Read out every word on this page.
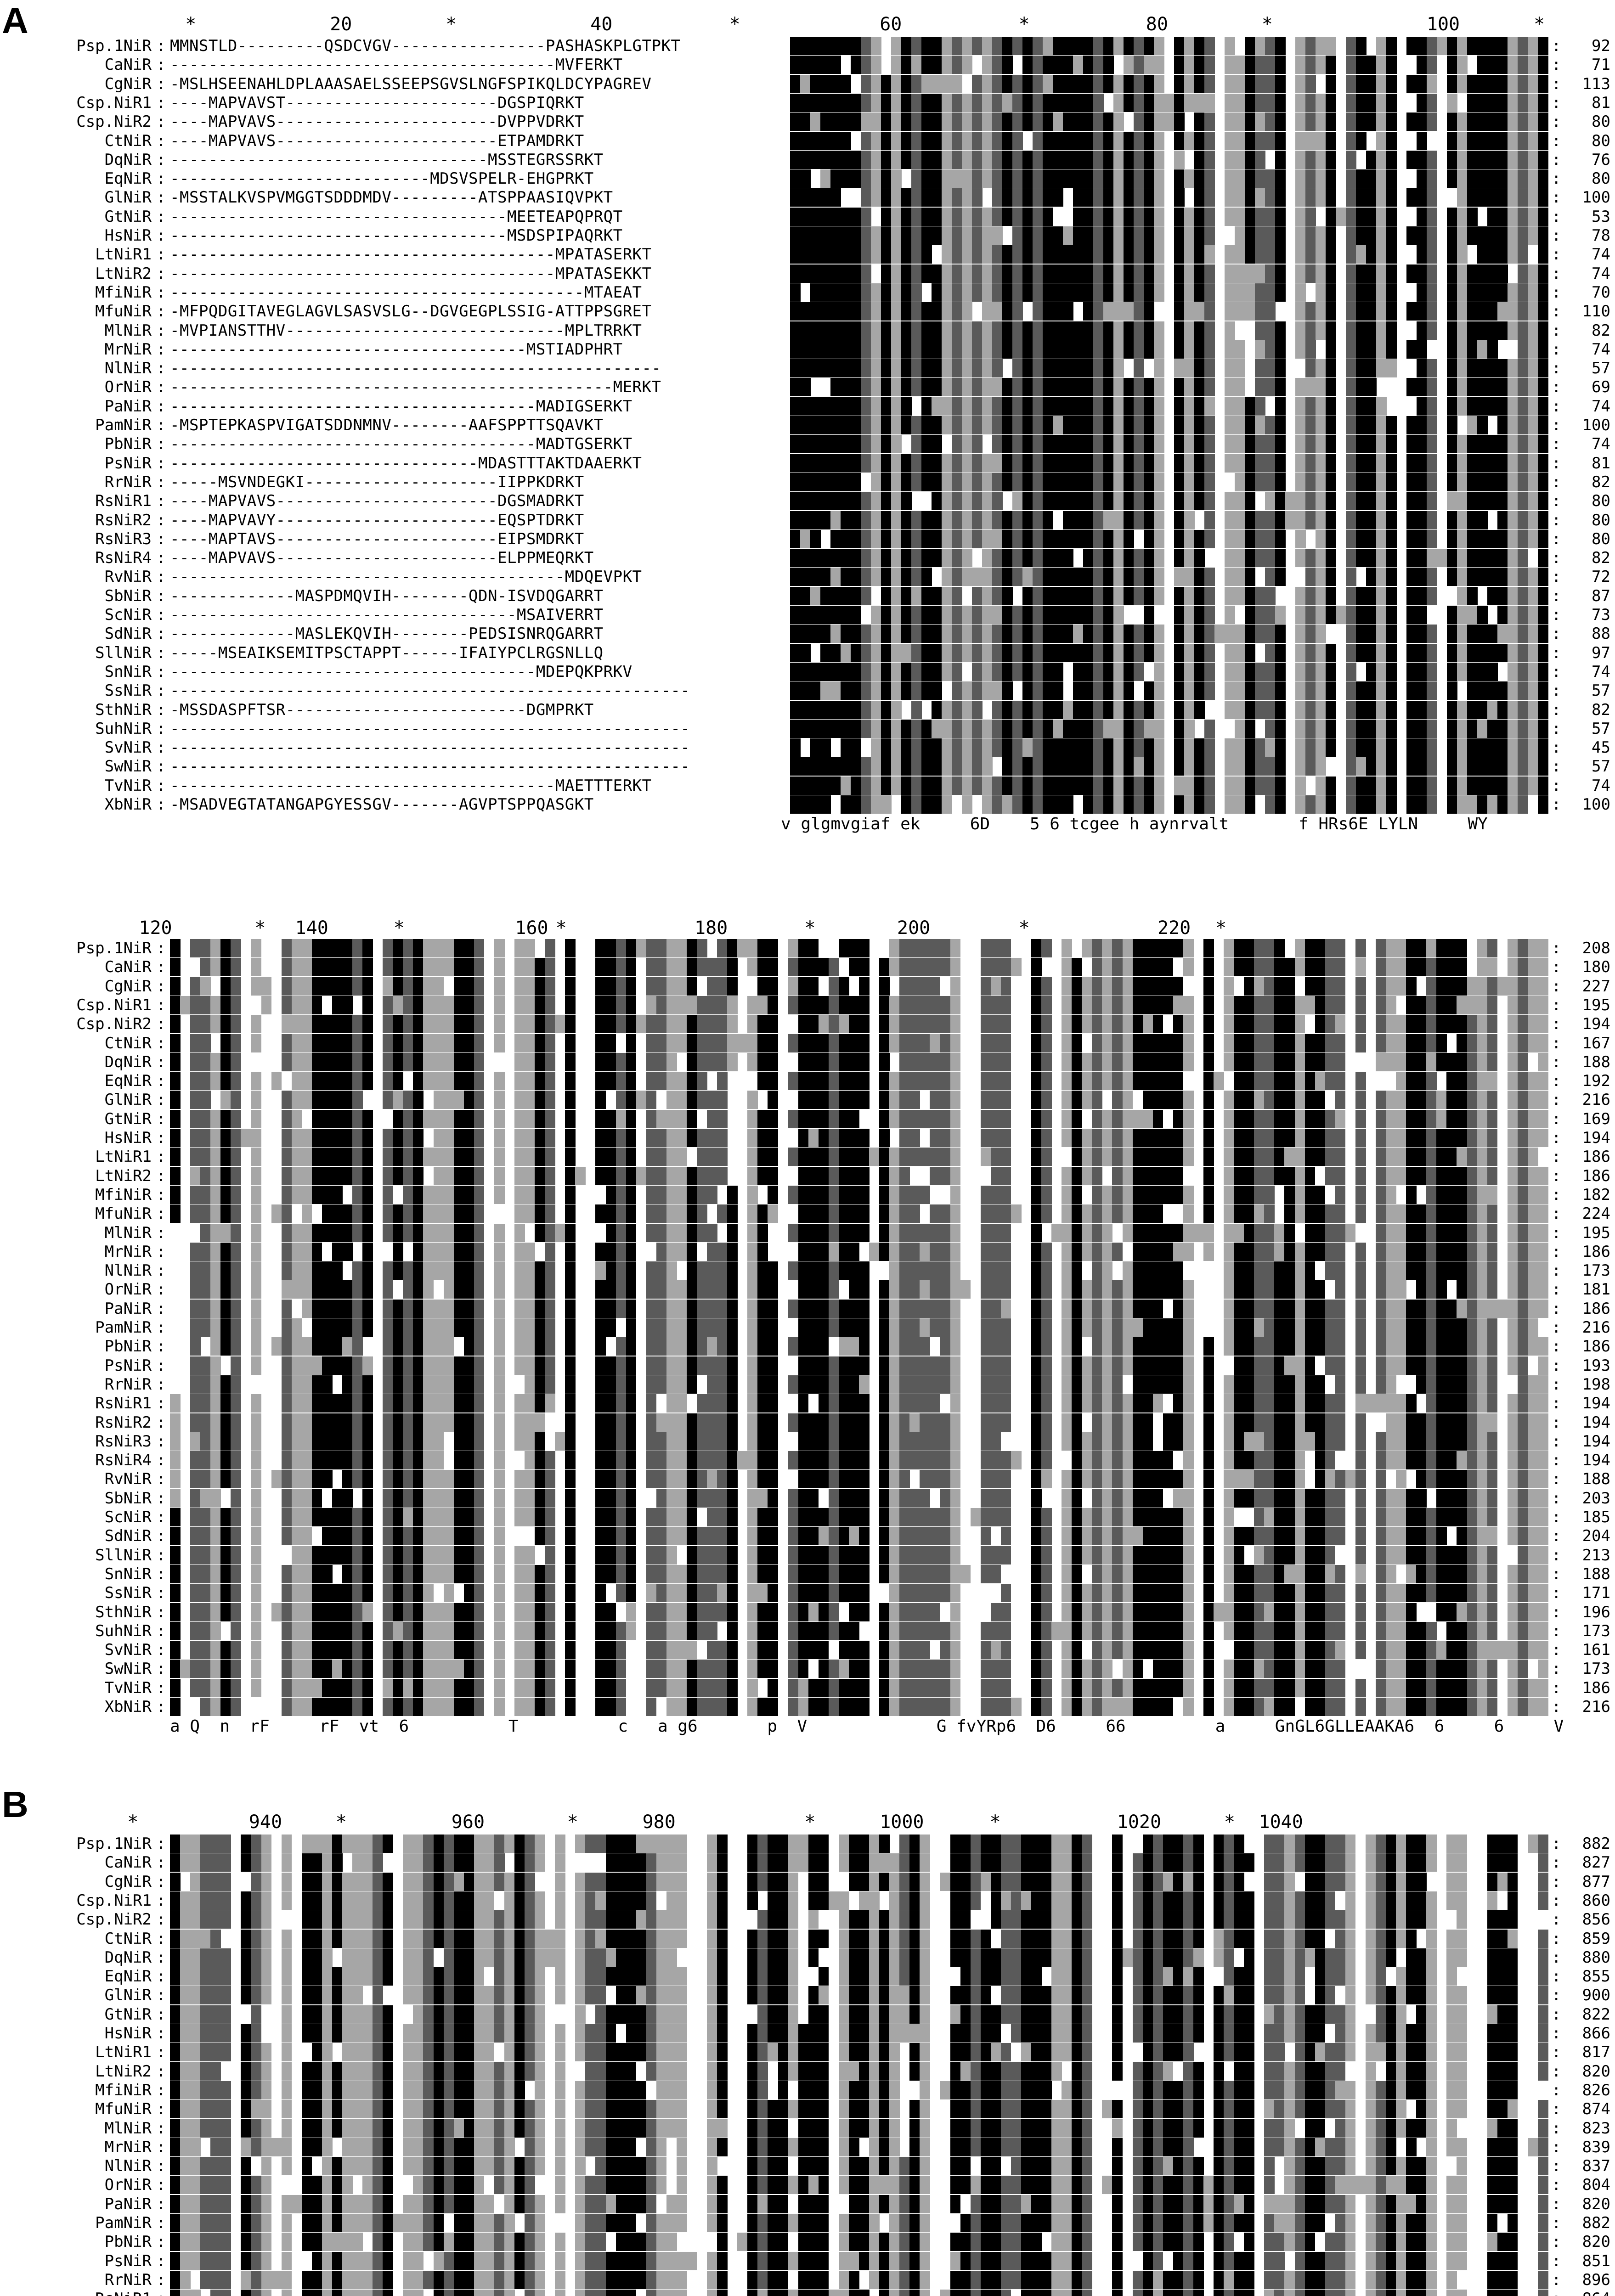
A	*	20	*	40	*	60	*	80	*	100	*
Psp.1NiR : MMNSTLD---------QSDCVGV----------------PASHASKPLGTPKT	:	92
CaNiR : ----------------------------------------MVFERKT	:	71
CgNiR : -MSLHSEENAHLDPLAAASAELSSEEPSGVSLNGFSPIKQLDCYPAGREV	:	113
Csp.NiR1 : ----MAPVAVST----------------------DGSPIQRKT	:	81
Csp.NiR2 : ----MAPVAVS-----------------------DVPPVDRKT	:	80
CtNiR : ----MAPVAVS-----------------------ETPAMDRKT	:	80
DqNiR : ---------------------------------MSSTEGRSSRKT	:	76
EqNiR : ---------------------------MDSVSPELR-EHGPRKT	:	80
GlNiR : -MSSTALKVSPVMGGTSDDDMDV---------ATSPPAASIQVPKT	:	100
GtNiR : -----------------------------------MEETEAPQPRQT	:	53
HsNiR : -----------------------------------MSDSPIPAQRKT	:	78
LtNiR1 : ----------------------------------------MPATASERKT	:	74
LtNiR2 : ----------------------------------------MPATASEKKT	:	74
MfiNiR : -------------------------------------------MTAEAT	:	70
MfuNiR : -MFPQDGITAVEGLAGVLSASVSLG--DGVGEGPLSSIG-ATTPPSGRET	:	110
MlNiR : -MVPIANSTTHV-----------------------------MPLTRRKT	:	82
MrNiR : -------------------------------------MSTIADPHRT	:	74
NlNiR : ---------------------------------------------------	:	57
OrNiR : ----------------------------------------------MERKT	:	69
PaNiR : --------------------------------------MADIGSERKT	:	74
PamNiR : -MSPTEPKASPVIGATSDDNMNV--------AAFSPPTTSQAVKT	:	100
PbNiR : --------------------------------------MADTGSERKT	:	74
PsNiR : --------------------------------MDASTTTAKTDAAERKT	:	81
RrNiR : -----MSVNDEGKI--------------------IIPPKDRKT	:	82
RsNiR1 : ----MAPVAVS-----------------------DGSMADRKT	:	80
RsNiR2 : ----MAPVAVY-----------------------EQSPTDRKT	:	80
RsNiR3 : ----MAPTAVS-----------------------EIPSMDRKT	:	80
RsNiR4 : ----MAPVAVS-----------------------ELPPMEQRKT	:	82
RvNiR : -----------------------------------------MDQEVPKT	:	72
SbNiR : -------------MASPDMQVIH--------QDN-ISVDQGARRT	:	87
ScNiR : ------------------------------------MSAIVERRT	:	73
SdNiR : -------------MASLEKQVIH--------PEDSISNRQGARRT	:	88
SllNiR : -----MSEAIKSEMITPSCTAPPT------IFAIYPCLRGSNLLQ	:	97
SnNiR : --------------------------------------MDEPQKPRKV	:	74
SsNiR : ------------------------------------------------------	:	57
SthNiR : -MSSDASPFTSR-------------------------DGMPRKT	:	82
SuhNiR : ------------------------------------------------------	:	57
SvNiR : ------------------------------------------------------	:	45
SwNiR : ------------------------------------------------------	:	57
TvNiR : ----------------------------------------MAETTTERKT	:	74
XbNiR : -MSADVEGTATANGAPGYESSGV-------AGVPTSPPQASGKT	:	100
v glgmvgiaf ek     6D    5 6 tcgee h aynrvalt       f HRs6E LYLN     WY
120	* 140	*	160 *	180	*	200	*	220 *
Psp.1NiR :	:	208
CaNiR :	:	180
CgNiR :	:	227
Csp.NiR1 :	:	195
Csp.NiR2 :	:	194
CtNiR :	:	167
DqNiR :	:	188
EqNiR :	:	192
GlNiR :	:	216
GtNiR :	:	169
HsNiR :	:	194
LtNiR1 :	:	186
LtNiR2 :	:	186
MfiNiR :	:	182
MfuNiR :	:	224
MlNiR :	:	195
MrNiR :	:	186
NlNiR :	:	173
OrNiR :	:	181
PaNiR :	:	186
PamNiR :	:	216
PbNiR :	:	186
PsNiR :	:	193
RrNiR :	:	198
RsNiR1 :	:	194
RsNiR2 :	:	194
RsNiR3 :	:	194
RsNiR4 :	:	194
RvNiR :	:	188
SbNiR :	:	203
ScNiR :	:	185
SdNiR :	:	204
SllNiR :	:	213
SnNiR :	:	188
SsNiR :	:	171
SthNiR :	:	196
SuhNiR :	:	173
SvNiR :	:	161
SwNiR :	:	173
TvNiR :	:	186
XbNiR :	:	216
a Q  n  rF     rF  vt  6          T          c   a g6       p  V             G fvYRp6  D6     66         a     GnGL6GLLEAAKA6  6     6     V
B	*	940	*	960	*	980	*	1000	*	1020	* 1040
Psp.1NiR :	:	882
CaNiR :	:	827
CgNiR :	:	877
Csp.NiR1 :	:	860
Csp.NiR2 :	:	856
CtNiR :	:	859
DqNiR :	:	880
EqNiR :	:	855
GlNiR :	:	900
GtNiR :	:	822
HsNiR :	:	866
LtNiR1 :	:	817
LtNiR2 :	:	820
MfiNiR :	:	826
MfuNiR :	:	874
MlNiR :	:	823
MrNiR :	:	839
NlNiR :	:	837
OrNiR :	:	804
PaNiR :	:	820
PamNiR :	:	882
PbNiR :	:	820
PsNiR :	:	851
RrNiR :	:	896
